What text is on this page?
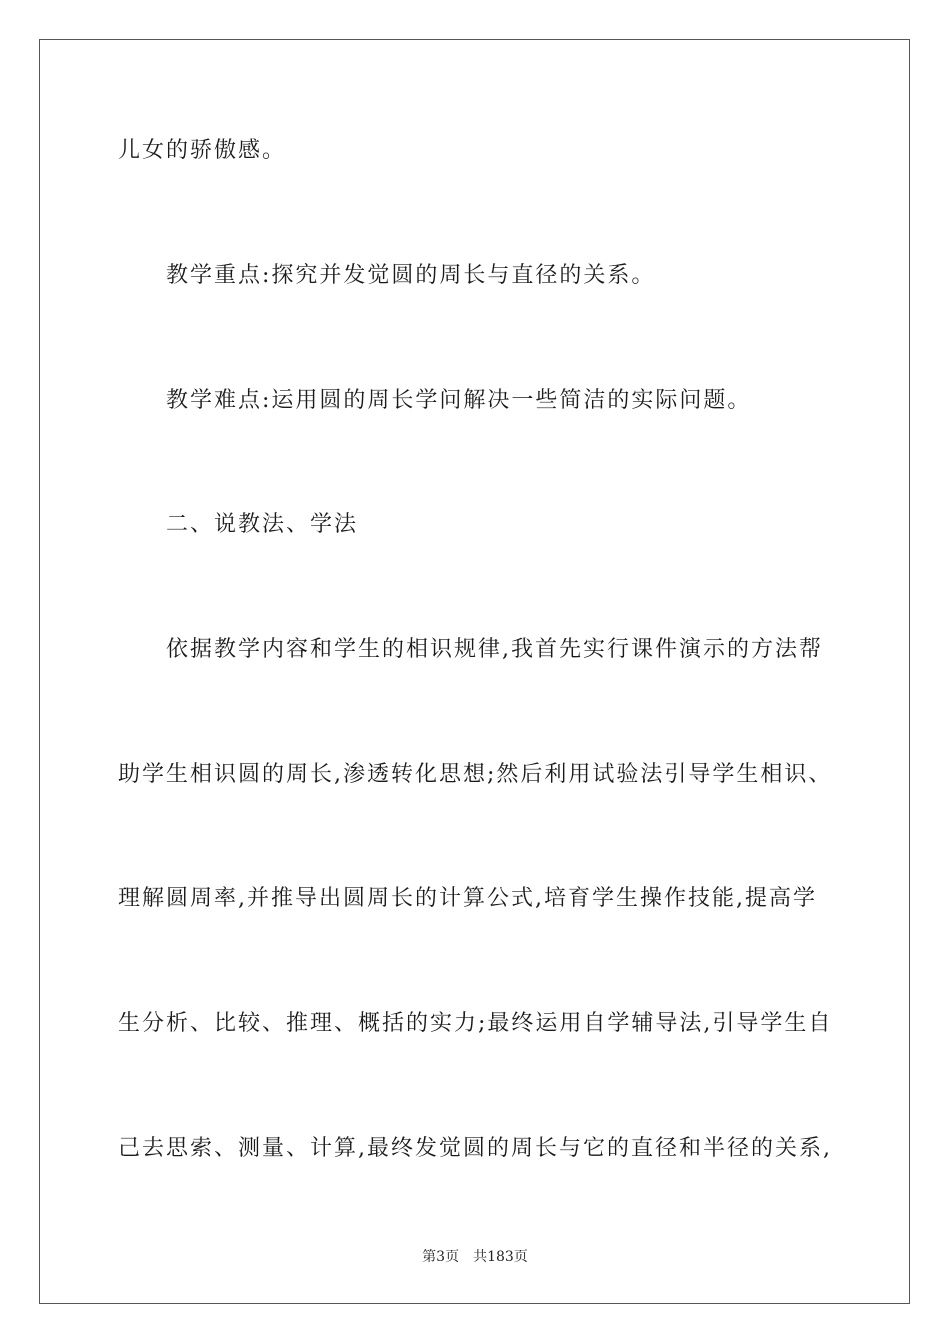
儿女的骄傲感。
教学重点:探究并发觉圆的周长与直径的关系。
教学难点:运用圆的周长学问解决一些简洁的实际问题。
二、说教法、学法
依据教学内容和学生的相识规律,我首先实行课件演示的方法帮
助学生相识圆的周长,渗透转化思想;然后利用试验法引导学生相识、
理解圆周率,并推导出圆周长的计算公式,培育学生操作技能,提高学
生分析、比较、推理、概括的实力;最终运用自学辅导法,引导学生自
己去思索、测量、计算,最终发觉圆的周长与它的直径和半径的关系,
第3页 共183页
